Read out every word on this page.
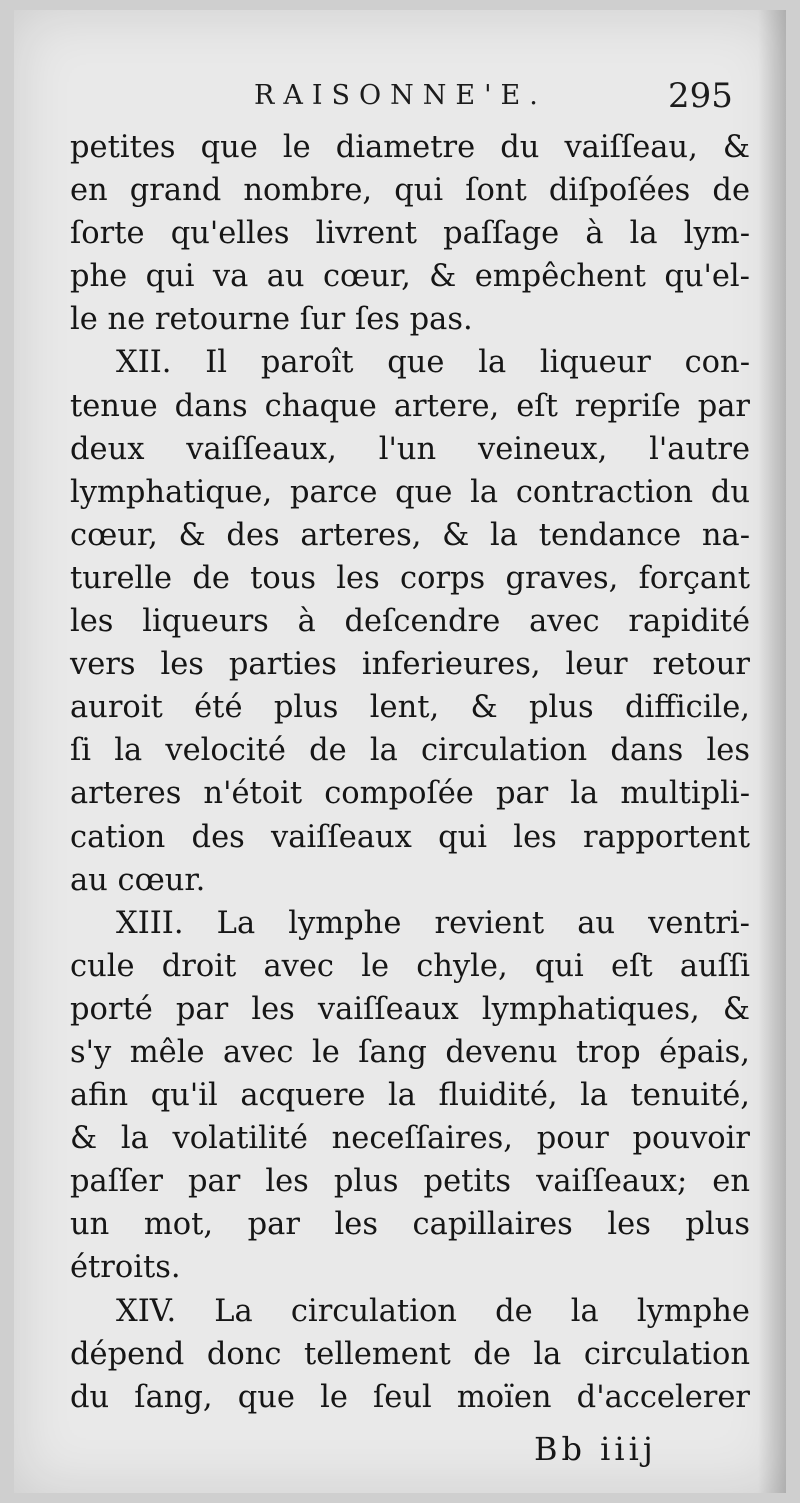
RAISONNE'E.	295
petites que le diametre du vaiſſeau, &
en grand nombre, qui ſont diſpoſées de
ſorte qu'elles livrent paſſage à la lym-
phe qui va au cœur, & empêchent qu'el-
le ne retourne ſur ſes pas.
XII. Il paroît que la liqueur con-
tenue dans chaque artere, eſt repriſe par
deux vaiſſeaux, l'un veineux, l'autre
lymphatique, parce que la contraction du
cœur, & des arteres, & la tendance na-
turelle de tous les corps graves, forçant
les liqueurs à deſcendre avec rapidité
vers les parties inferieures, leur retour
auroit été plus lent, & plus difficile,
ſi la velocité de la circulation dans les
arteres n'étoit compoſée par la multipli-
cation des vaiſſeaux qui les rapportent
au cœur.
XIII. La lymphe revient au ventri-
cule droit avec le chyle, qui eſt auſſi
porté par les vaiſſeaux lymphatiques, &
s'y mêle avec le ſang devenu trop épais,
afin qu'il acquere la fluidité, la tenuité,
& la volatilité neceſſaires, pour pouvoir
paſſer par les plus petits vaiſſeaux; en
un mot, par les capillaires les plus
étroits.
XIV. La circulation de la lymphe
dépend donc tellement de la circulation
du ſang, que le ſeul moïen d'accelerer
Bb iiij
